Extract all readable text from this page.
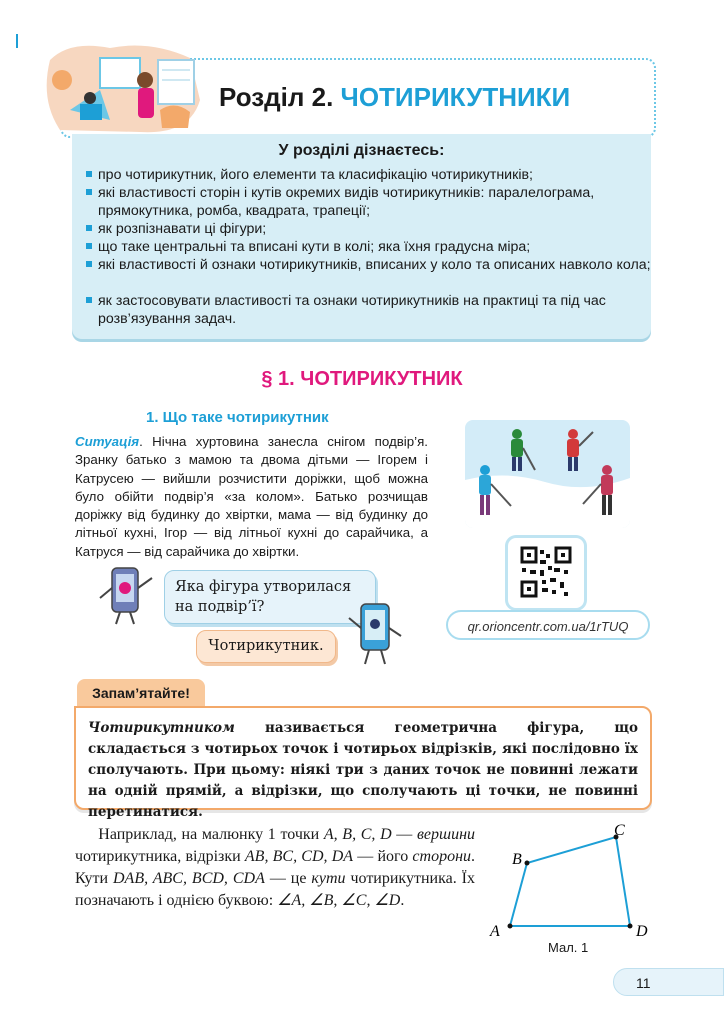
Розділ 2. ЧОТИРИКУТНИКИ
У розділі дізнаєтесь:
про чотирикутник, його елементи та класифікацію чотирикутників;
які властивості сторін і кутів окремих видів чотирикутників: паралелограма, прямокутника, ромба, квадрата, трапеції;
як розпізнавати ці фігури;
що таке центральні та вписані кути в колі; яка їхня градусна міра;
які властивості й ознаки чотирикутників, вписаних у коло та описаних навколо кола;
як застосовувати властивості та ознаки чотирикутників на практиці та під час розв’язування задач.
§ 1. ЧОТИРИКУТНИК
1. Що таке чотирикутник
Ситуація. Нічна хуртовина занесла снігом подвір’я. Зранку батько з мамою та двома дітьми — Ігорем і Катрусею — вийшли розчистити доріжки, щоб можна було обійти подвір’я «за колом». Батько розчищав доріжку від будинку до хвіртки, мама — від будинку до літньої кухні, Ігор — від літньої кухні до сарайчика, а Катруся — від сарайчика до хвіртки.
qr.orioncentr.com.ua/1rTUQ
Яка фігура утворилася на подвір’ї?
Чотирикутник.
Запам’ятайте!
Чотирикутником називається геометрична фігура, що складається з чотирьох точок і чотирьох відрізків, які послідовно їх сполучають. При цьому: ніякі три з даних точок не повинні лежати на одній прямій, а відрізки, що сполучають ці точки, не повинні перетинатися.
Наприклад, на малюнку 1 точки A, B, C, D — вершини чотирикутника, відрізки AB, BC, CD, DA — його сторони. Кути DAB, ABC, BCD, CDA — це кути чотирикутника. Їх позначають і однією буквою: ∠A, ∠B, ∠C, ∠D.
A
B
C
D
Мал. 1
11
